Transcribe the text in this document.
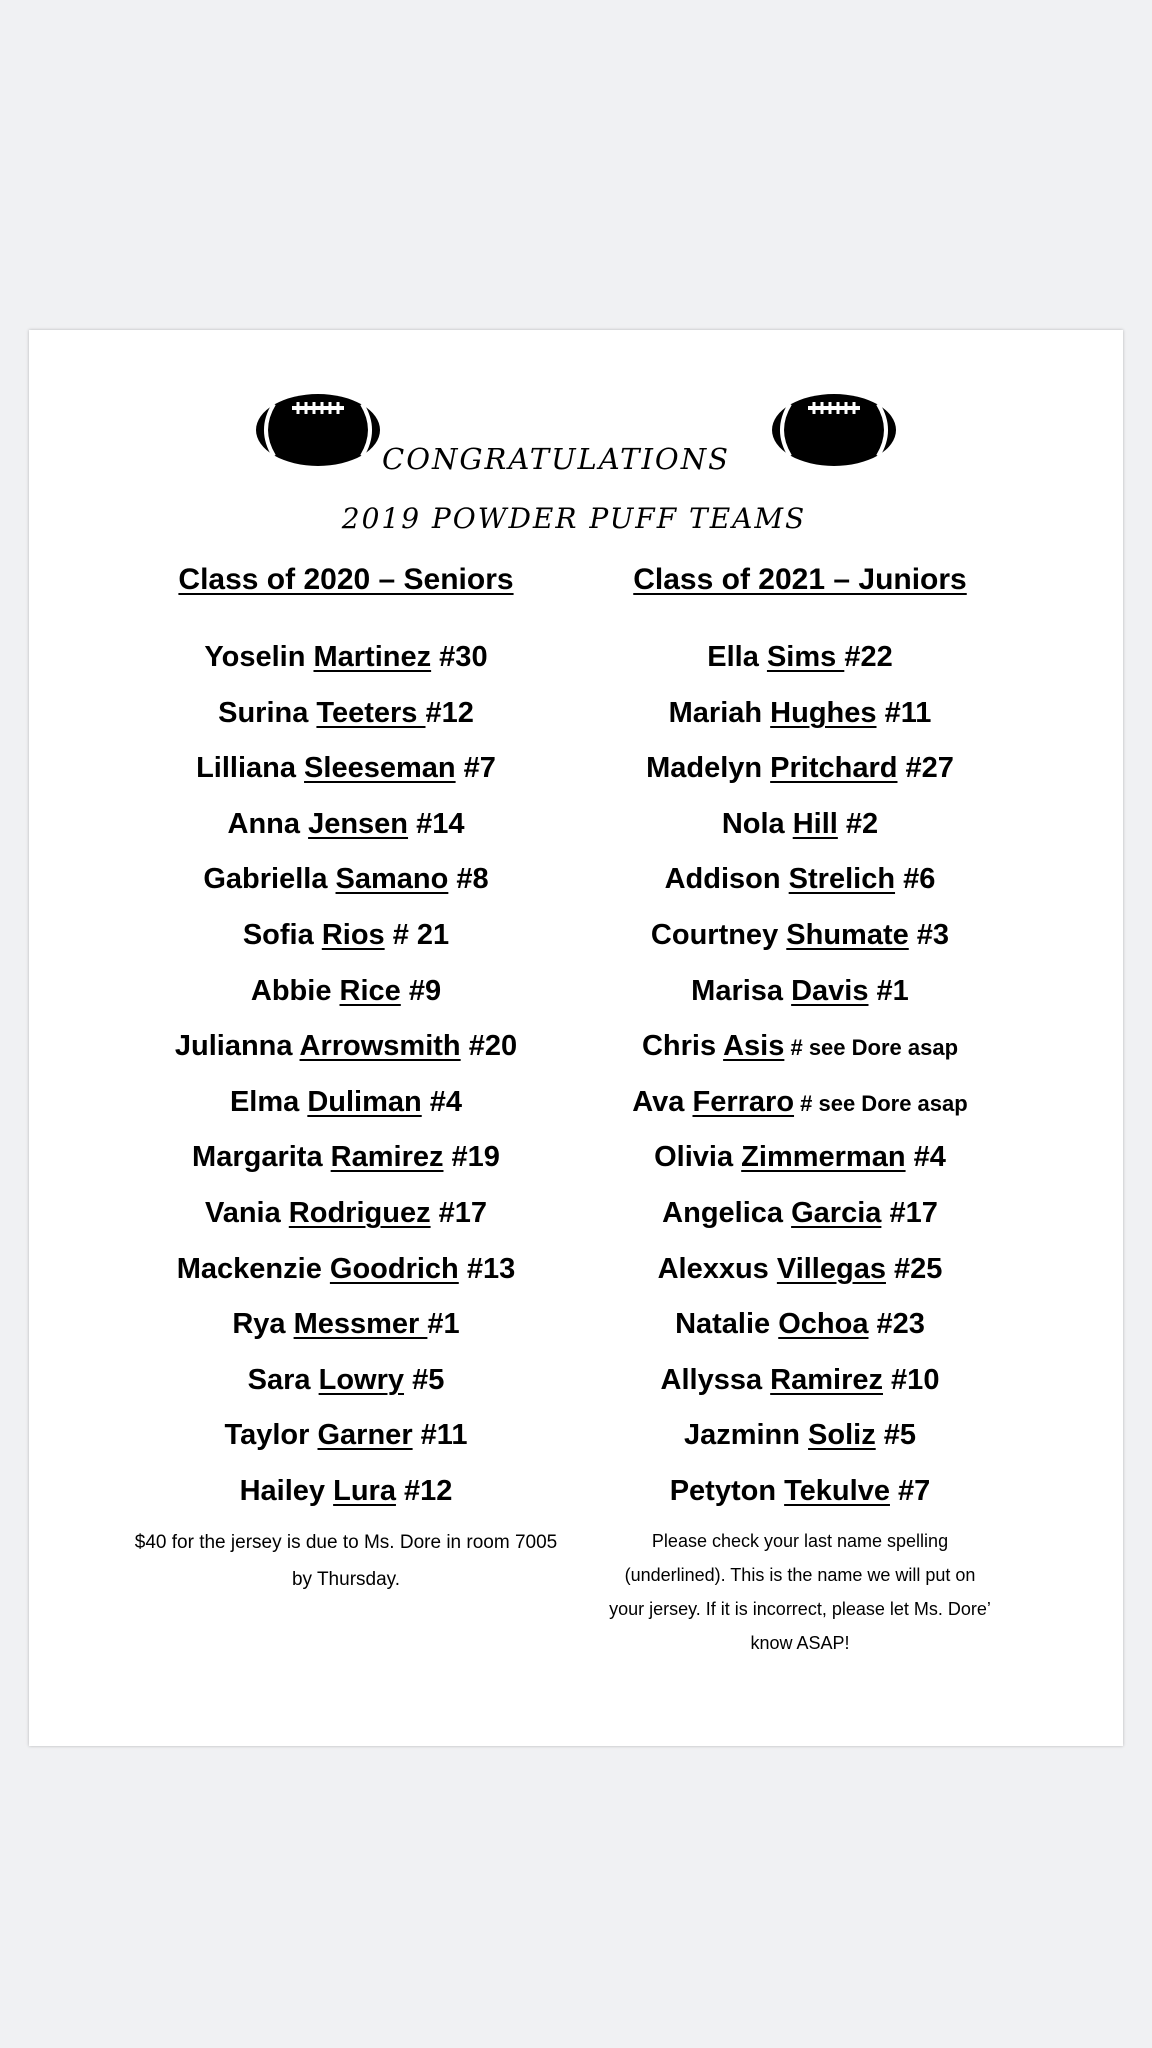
CONGRATULATIONS
2019 POWDER PUFF TEAMS
Class of 2020 – Seniors
Yoselin Martinez #30
Surina Teeters #12
Lilliana Sleeseman #7
Anna Jensen #14
Gabriella Samano #8
Sofia Rios # 21
Abbie Rice #9
Julianna Arrowsmith #20
Elma Duliman #4
Margarita Ramirez #19
Vania Rodriguez #17
Mackenzie Goodrich #13
Rya Messmer #1
Sara Lowry #5
Taylor Garner #11
Hailey Lura #12
$40 for the jersey is due to Ms. Dore in room 7005 by Thursday.
Class of 2021 – Juniors
Ella Sims #22
Mariah Hughes #11
Madelyn Pritchard #27
Nola Hill #2
Addison Strelich #6
Courtney Shumate #3
Marisa Davis #1
Chris Asis # see Dore asap
Ava Ferraro # see Dore asap
Olivia Zimmerman #4
Angelica Garcia #17
Alexxus Villegas #25
Natalie Ochoa #23
Allyssa Ramirez #10
Jazminn Soliz #5
Petyton Tekulve #7
Please check your last name spelling (underlined). This is the name we will put on your jersey. If it is incorrect, please let Ms. Dore’ know ASAP!
